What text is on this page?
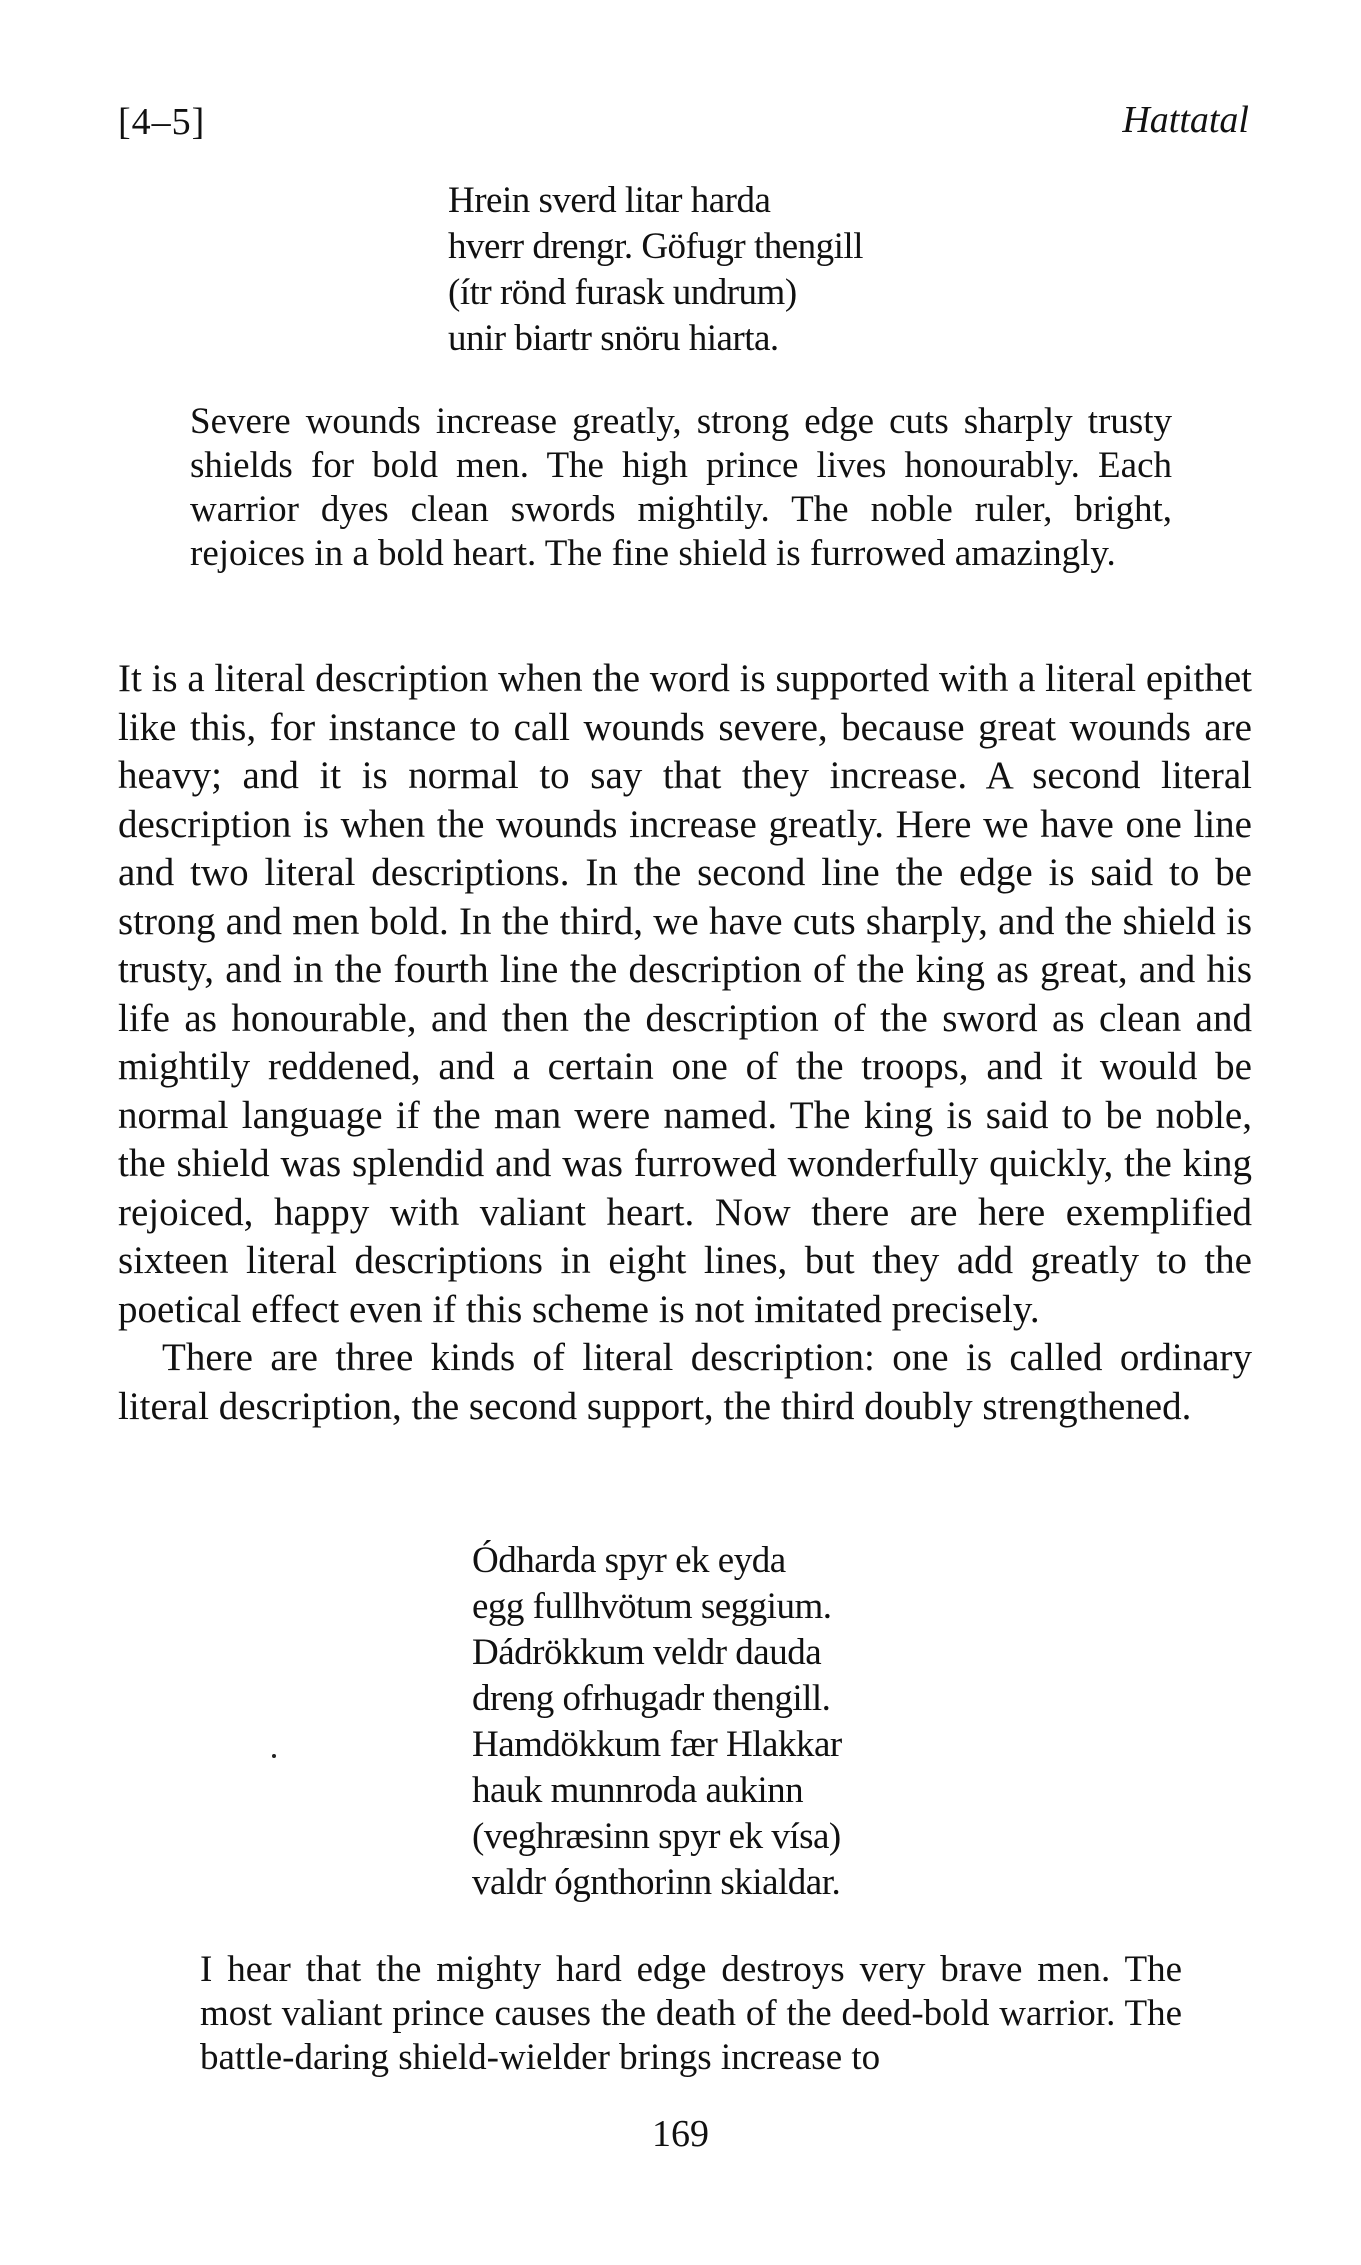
[4–5]	Hattatal
Hrein sverd litar harda
hverr drengr. Göfugr thengill
(ítr rönd furask undrum)
unir biartr snöru hiarta.
Severe wounds increase greatly, strong edge cuts sharply trusty shields for bold men. The high prince lives honourably. Each warrior dyes clean swords mightily. The noble ruler, bright, rejoices in a bold heart. The fine shield is furrowed amazingly.

It is a literal description when the word is supported with a literal epithet like this, for instance to call wounds severe, because great wounds are heavy; and it is normal to say that they increase. A second literal description is when the wounds increase greatly. Here we have one line and two literal descriptions. In the second line the edge is said to be strong and men bold. In the third, we have cuts sharply, and the shield is trusty, and in the fourth line the description of the king as great, and his life as honourable, and then the description of the sword as clean and mightily reddened, and a certain one of the troops, and it would be normal language if the man were named. The king is said to be noble, the shield was splendid and was furrowed wonderfully quickly, the king rejoiced, happy with valiant heart. Now there are here exemplified sixteen literal descriptions in eight lines, but they add greatly to the poetical effect even if this scheme is not imitated precisely.

There are three kinds of literal description: one is called ordinary literal description, the second support, the third doubly strengthened.

Ódharda spyr ek eyda
egg fullhvötum seggium.
Dádrökkum veldr dauda
dreng ofrhugadr thengill.
Hamdökkum fær Hlakkar
hauk munnroda aukinn
(veghræsinn spyr ek vísa)
valdr ógnthorinn skialdar.
I hear that the mighty hard edge destroys very brave men. The most valiant prince causes the death of the deed-bold warrior. The battle-daring shield-wielder brings increase to
169
